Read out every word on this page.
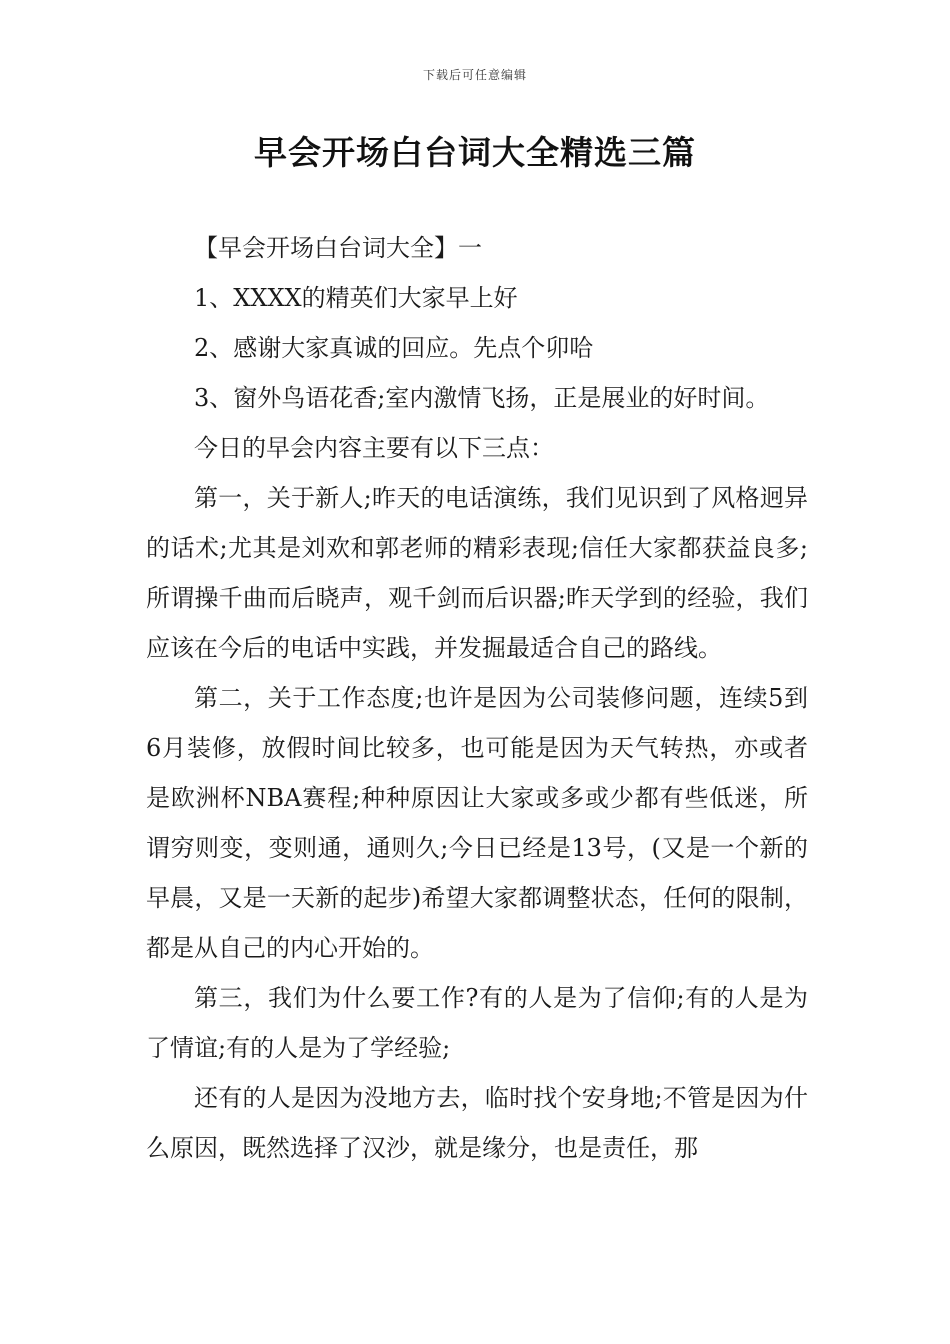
下载后可任意编辑
早会开场白台词大全精选三篇

【早会开场白台词大全】一

1、XXXX的精英们大家早上好

2、感谢大家真诚的回应。先点个卯哈

3、窗外鸟语花香;室内激情飞扬，正是展业的好时间。

今日的早会内容主要有以下三点：

第一，关于新人;昨天的电话演练，我们见识到了风格迥异的话术;尤其是刘欢和郭老师的精彩表现;信任大家都获益良多;所谓操千曲而后晓声，观千剑而后识器;昨天学到的经验，我们应该在今后的电话中实践，并发掘最适合自己的路线。

第二，关于工作态度;也许是因为公司装修问题，连续5到6月装修，放假时间比较多，也可能是因为天气转热，亦或者是欧洲杯NBA赛程;种种原因让大家或多或少都有些低迷，所谓穷则变，变则通，通则久;今日已经是13号，(又是一个新的早晨，又是一天新的起步)希望大家都调整状态，任何的限制，都是从自己的内心开始的。

第三，我们为什么要工作?有的人是为了信仰;有的人是为了情谊;有的人是为了学经验;

还有的人是因为没地方去，临时找个安身地;不管是因为什么原因，既然选择了汉沙，就是缘分，也是责任，那
